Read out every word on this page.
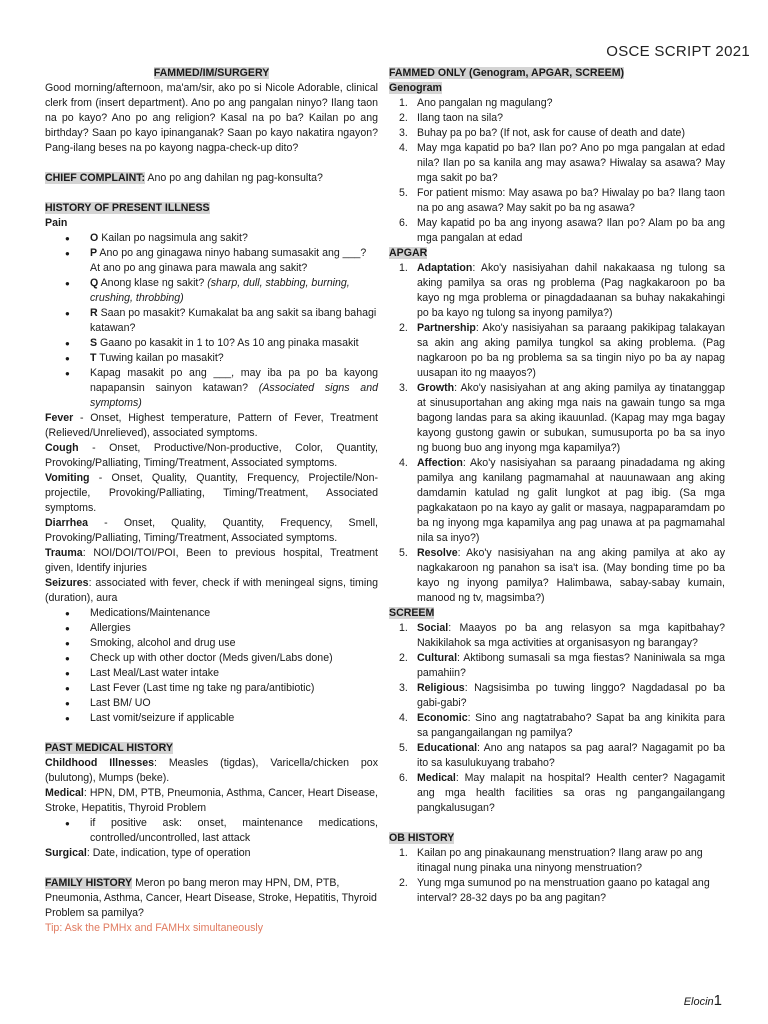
OSCE SCRIPT 2021
FAMMED/IM/SURGERY

Good morning/afternoon, ma'am/sir, ako po si Nicole Adorable, clinical clerk from (insert department). Ano po ang pangalan ninyo? Ilang taon na po kayo? Ano po ang religion? Kasal na po ba? Kailan po ang birthday? Saan po kayo ipinanganak? Saan po kayo nakatira ngayon? Pang-ilang beses na po kayong nagpa-check-up dito?

CHIEF COMPLAINT: Ano po ang dahilan ng pag-konsulta?

HISTORY OF PRESENT ILLNESS

Pain

● O Kailan po nagsimula ang sakit?
● P Ano po ang ginagawa ninyo habang sumasakit ang ___? At ano po ang ginawa para mawala ang sakit?
● Q Anong klase ng sakit? (sharp, dull, stabbing, burning, crushing, throbbing)
● R Saan po masakit? Kumakalat ba ang sakit sa ibang bahagi katawan?
● S Gaano po kasakit in 1 to 10? As 10 ang pinaka masakit
● T Tuwing kailan po masakit?
● Kapag masakit po ang ___, may iba pa po ba kayong napapansin sainyon katawan? (Associated signs and symptoms)

Fever - Onset, Highest temperature, Pattern of Fever, Treatment (Relieved/Unrelieved), associated symptoms.

Cough - Onset, Productive/Non-productive, Color, Quantity, Provoking/Palliating, Timing/Treatment, Associated symptoms.

Vomiting - Onset, Quality, Quantity, Frequency, Projectile/Non-projectile, Provoking/Palliating, Timing/Treatment, Associated symptoms.

Diarrhea - Onset, Quality, Quantity, Frequency, Smell, Provoking/Palliating, Timing/Treatment, Associated symptoms.

Trauma: NOI/DOI/TOI/POI, Been to previous hospital, Treatment given, Identify injuries

Seizures: associated with fever, check if with meningeal signs, timing (duration), aura

● Medications/Maintenance
● Allergies
● Smoking, alcohol and drug use
● Check up with other doctor (Meds given/Labs done)
● Last Meal/Last water intake
● Last Fever (Last time ng take ng para/antibiotic)
● Last BM/ UO
● Last vomit/seizure if applicable

PAST MEDICAL HISTORY

Childhood Illnesses: Measles (tigdas), Varicella/chicken pox (bulutong), Mumps (beke).

Medical: HPN, DM, PTB, Pneumonia, Asthma, Cancer, Heart Disease, Stroke, Hepatitis, Thyroid Problem

● if positive ask: onset, maintenance medications, controlled/uncontrolled, last attack

Surgical: Date, indication, type of operation

FAMILY HISTORY Meron po bang meron may HPN, DM, PTB, Pneumonia, Asthma, Cancer, Heart Disease, Stroke, Hepatitis, Thyroid Problem sa pamilya?

Tip: Ask the PMHx and FAMHx simultaneously

FAMMED ONLY (Genogram, APGAR, SCREEM)

Genogram

1. Ano pangalan ng magulang?
2. Ilang taon na sila?
3. Buhay pa po ba? (If not, ask for cause of death and date)
4. May mga kapatid po ba? Ilan po? Ano po mga pangalan at edad nila? Ilan po sa kanila ang may asawa? Hiwalay sa asawa? May mga sakit po ba?
5. For patient mismo: May asawa po ba? Hiwalay po ba? Ilang taon na po ang asawa? May sakit po ba ng asawa?
6. May kapatid po ba ang inyong asawa? Ilan po? Alam po ba ang mga pangalan at edad

APGAR

1. Adaptation: Ako'y nasisiyahan dahil nakakaasa ng tulong sa aking pamilya sa oras ng problema (Pag nagkakaroon po ba kayo ng mga problema or pinagdadaanan sa buhay nakakahingi po ba kayo ng tulong sa inyong pamilya?)
2. Partnership: Ako'y nasisiyahan sa paraang pakikipag talakayan sa akin ang aking pamilya tungkol sa aking problema. (Pag nagkaroon po ba ng problema sa sa tingin niyo po ba ay napag uusapan ito ng maayos?)
3. Growth: Ako'y nasisiyahan at ang aking pamilya ay tinatanggap at sinusuportahan ang aking mga nais na gawain tungo sa mga bagong landas para sa aking ikauunlad. (Kapag may mga bagay kayong gustong gawin or subukan, sumusuporta po ba sa inyo ng buong buo ang inyong mga kapamilya?)
4. Affection: Ako'y nasisiyahan sa paraang pinadadama ng aking pamilya ang kanilang pagmamahal at nauunawaan ang aking damdamin katulad ng galit lungkot at pag ibig. (Sa mga pagkakataon po na kayo ay galit or masaya, nagpaparamdam po ba ng inyong mga kapamilya ang pag unawa at pa pagmamahal nila sa inyo?)
5. Resolve: Ako'y nasisiyahan na ang aking pamilya at ako ay nagkakaroon ng panahon sa isa't isa. (May bonding time po ba kayo ng inyong pamilya? Halimbawa, sabay-sabay kumain, manood ng tv, magsimba?)

SCREEM

1. Social: Maayos po ba ang relasyon sa mga kapitbahay? Nakikilahok sa mga activities at organisasyon ng barangay?
2. Cultural: Aktibong sumasali sa mga fiestas? Naniniwala sa mga pamahiin?
3. Religious: Nagsisimba po tuwing linggo? Nagdadasal po ba gabi-gabi?
4. Economic: Sino ang nagtatrabaho? Sapat ba ang kinikita para sa pangangailangan ng pamilya?
5. Educational: Ano ang natapos sa pag aaral? Nagagamit po ba ito sa kasulukuyang trabaho?
6. Medical: May malapit na hospital? Health center? Nagagamit ang mga health facilities sa oras ng pangangailangang pangkalusugan?

OB HISTORY

1. Kailan po ang pinakaunang menstruation? Ilang araw po ang itinagal nung pinaka una ninyong menstruation?
2. Yung mga sumunod po na menstruation gaano po katagal ang interval? 28-32 days po ba ang pagitan?
Elocin1
